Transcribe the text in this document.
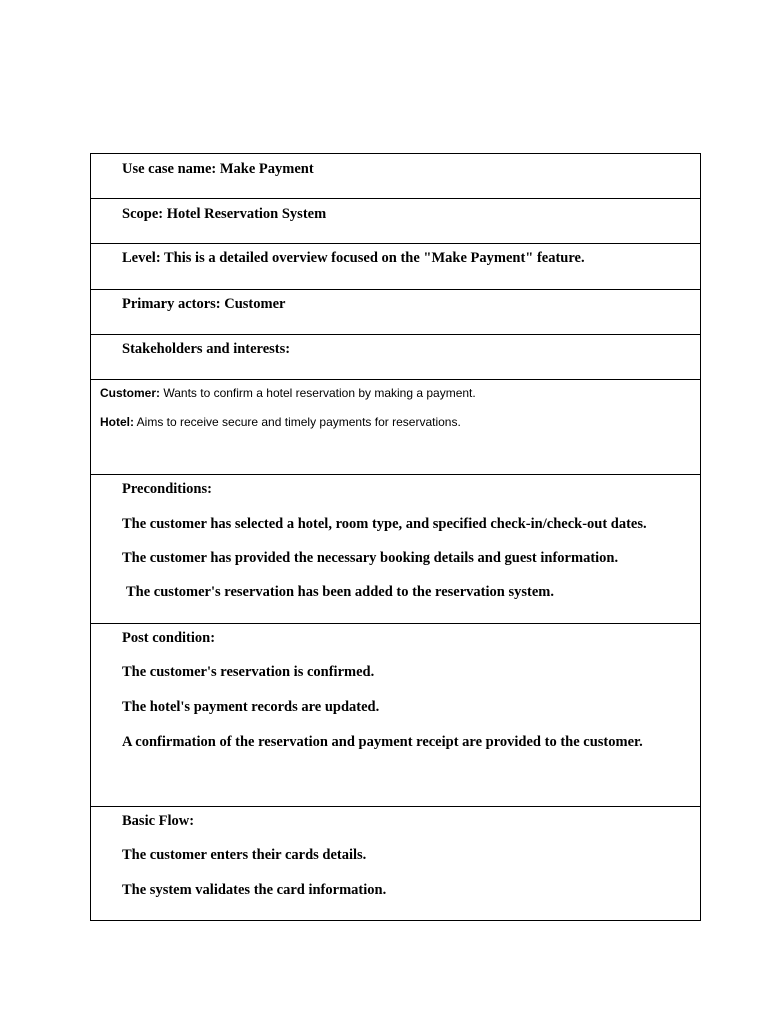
Use case name: Make Payment
Scope: Hotel Reservation System
Level: This is a detailed overview focused on the "Make Payment" feature.
Primary actors: Customer
Stakeholders and interests:
Customer: Wants to confirm a hotel reservation by making a payment.
Hotel: Aims to receive secure and timely payments for reservations.
Preconditions:
The customer has selected a hotel, room type, and specified check-in/check-out dates.
The customer has provided the necessary booking details and guest information.
The customer's reservation has been added to the reservation system.
Post condition:
The customer's reservation is confirmed.
The hotel's payment records are updated.
A confirmation of the reservation and payment receipt are provided to the customer.
Basic Flow:
The customer enters their cards details.
The system validates the card information.
